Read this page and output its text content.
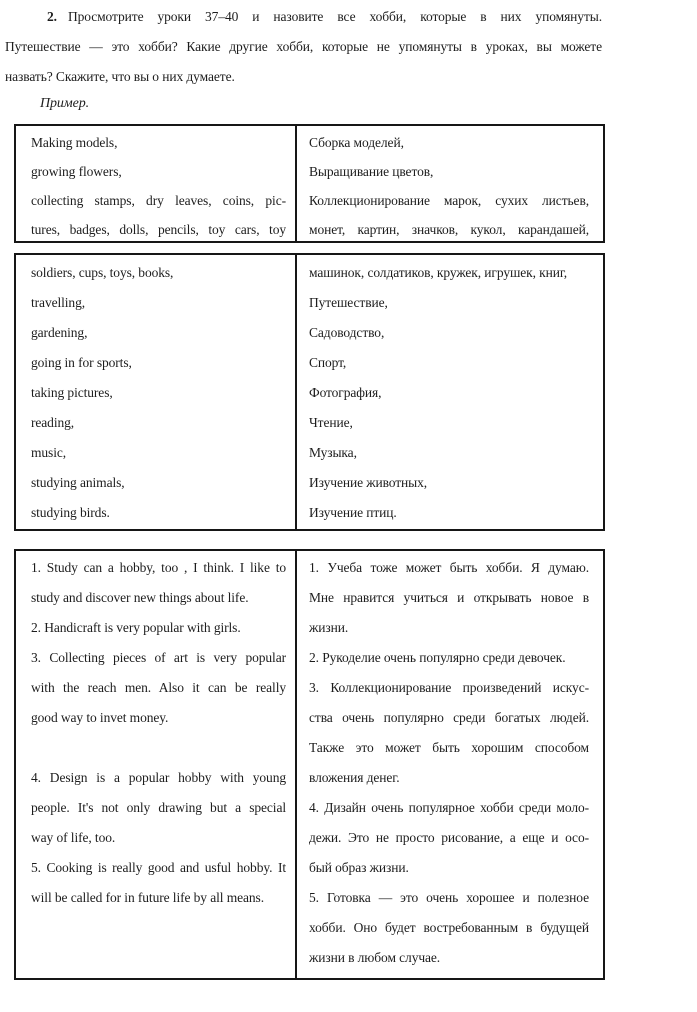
2. Просмотрите уроки 37–40 и назовите все хобби, которые в них упомянуты.
Путешествие — это хобби? Какие другие хобби, которые не упомянуты в уроках, вы можете
назвать? Скажите, что вы о них думаете.
Пример.
Making models,
growing flowers,
collecting stamps, dry leaves, coins, pic-
tures, badges, dolls, pencils, toy cars, toy
Сборка моделей,
Выращивание цветов,
Коллекционирование марок, сухих листьев,
монет, картин, значков, кукол, карандашей,
soldiers, cups, toys, books,
travelling,
gardening,
going in for sports,
taking pictures,
reading,
music,
studying animals,
studying birds.
машинок, солдатиков, кружек, игрушек, книг,
Путешествие,
Садоводство,
Спорт,
Фотография,
Чтение,
Музыка,
Изучение животных,
Изучение птиц.
1. Study can a hobby, too , I think. I like to
study and discover new things about life.
2. Handicraft is very popular with girls.
3. Collecting pieces of art is very popular
with the reach men. Also it can be really
good way to invet money.
4. Design is a popular hobby with young
people. It's not only drawing but a special
way of life, too.
5. Cooking is really good and usful hobby. It
will be called for in future life by all means.
1. Учеба тоже может быть хобби. Я думаю.
Мне нравится учиться и открывать новое в
жизни.
2. Рукоделие очень популярно среди девочек.
3. Коллекционирование произведений искус-
ства очень популярно среди богатых людей.
Также это может быть хорошим способом
вложения денег.
4. Дизайн очень популярное хобби среди моло-
дежи. Это не просто рисование, а еще и осо-
бый образ жизни.
5. Готовка — это очень хорошее и полезное
хобби. Оно будет востребованным в будущей
жизни в любом случае.
